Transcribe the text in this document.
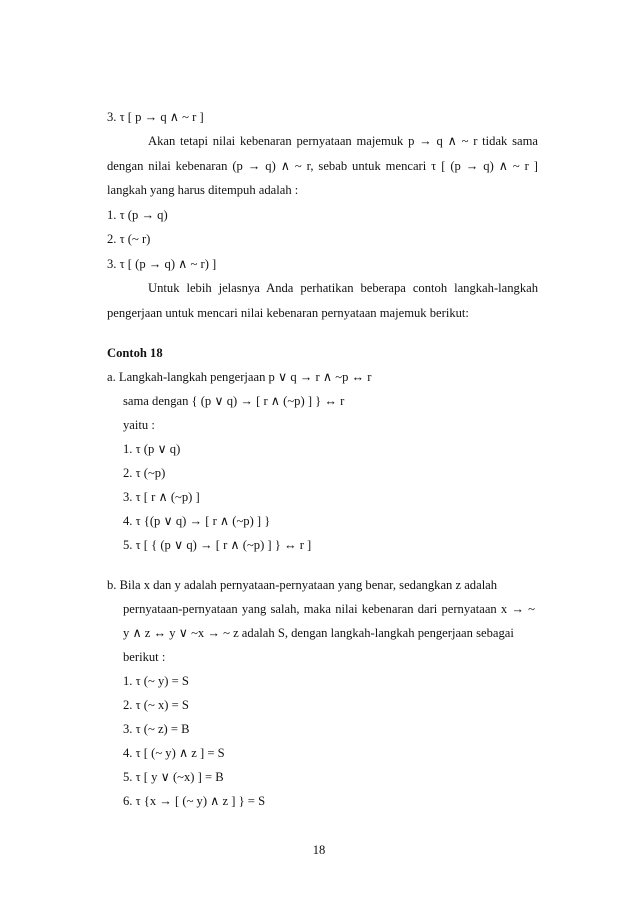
3. τ [ p → q ∧ ~ r ]
Akan tetapi nilai kebenaran pernyataan majemuk p → q ∧ ~ r tidak sama
dengan nilai kebenaran (p → q) ∧ ~ r, sebab untuk mencari τ [ (p → q) ∧ ~ r ]
langkah yang harus ditempuh adalah :
1. τ (p → q)
2. τ (~ r)
3. τ [ (p → q) ∧ ~ r) ]
Untuk lebih jelasnya Anda perhatikan beberapa contoh langkah-langkah
pengerjaan untuk mencari nilai kebenaran pernyataan majemuk berikut:
Contoh 18
a. Langkah-langkah pengerjaan p ∨ q → r ∧ ~p ↔ r
sama dengan { (p ∨ q) → [ r ∧ (~p) ] } ↔ r
yaitu :
1. τ (p ∨ q)
2. τ (~p)
3. τ [ r ∧ (~p) ]
4. τ {(p ∨ q) → [ r ∧ (~p) ] }
5. τ [ { (p ∨ q) → [ r ∧ (~p) ] } ↔ r ]
b. Bila x dan y adalah pernyataan-pernyataan yang benar, sedangkan z adalah
pernyataan-pernyataan yang salah, maka nilai kebenaran dari pernyataan x → ~
y ∧ z ↔ y ∨ ~x → ~ z adalah S, dengan langkah-langkah pengerjaan sebagai
berikut :
1. τ (~ y) = S
2. τ (~ x) = S
3. τ (~ z) = B
4. τ [ (~ y) ∧ z ] = S
5. τ [ y ∨ (~x) ] = B
6. τ {x → [ (~ y) ∧ z ] } = S
18
